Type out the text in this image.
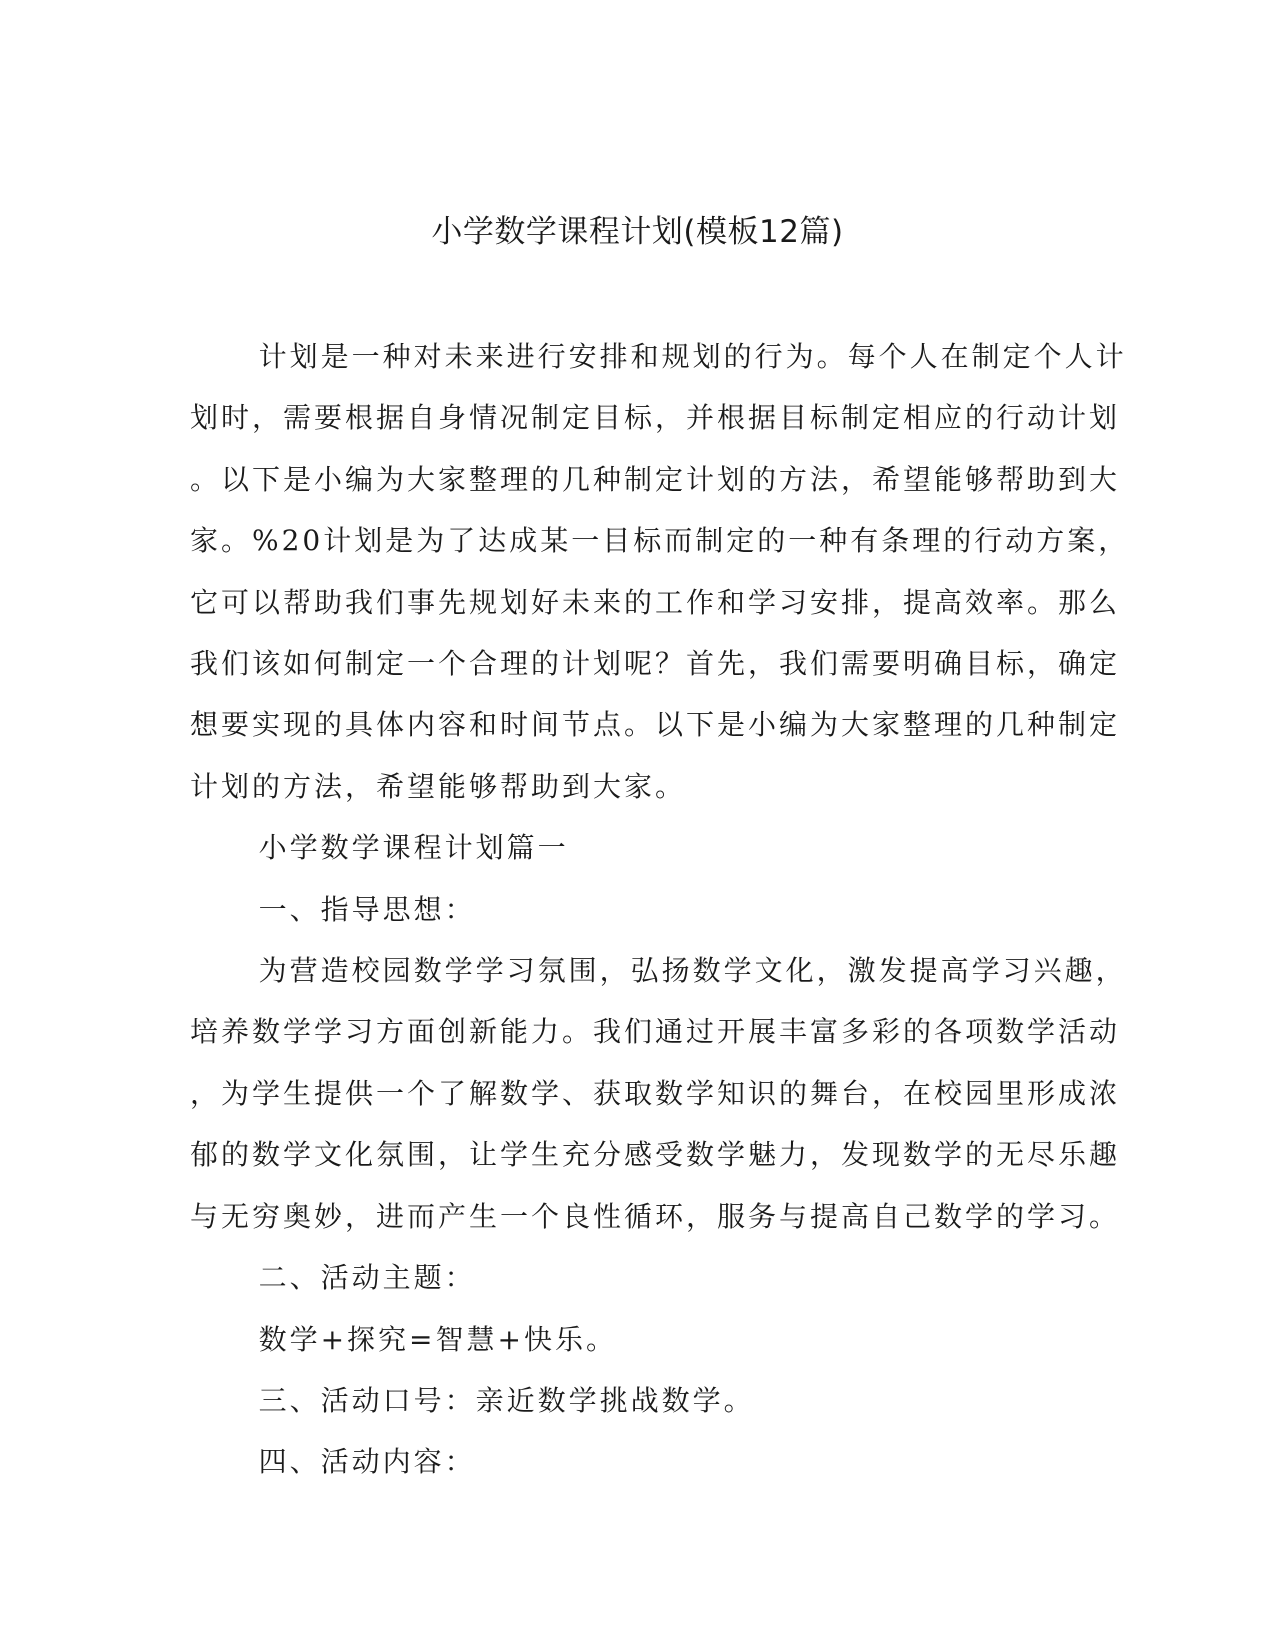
小学数学课程计划(模板12篇)

计划是一种对未来进行安排和规划的行为。每个人在制定个人计

划时，需要根据自身情况制定目标，并根据目标制定相应的行动计划
。以下是小编为大家整理的几种制定计划的方法，希望能够帮助到大
家。%20计划是为了达成某一目标而制定的一种有条理的行动方案，
它可以帮助我们事先规划好未来的工作和学习安排，提高效率。那么
我们该如何制定一个合理的计划呢？首先，我们需要明确目标，确定
想要实现的具体内容和时间节点。以下是小编为大家整理的几种制定
计划的方法，希望能够帮助到大家。

小学数学课程计划篇一

一、指导思想：

为营造校园数学学习氛围，弘扬数学文化，激发提高学习兴趣，

培养数学学习方面创新能力。我们通过开展丰富多彩的各项数学活动
，为学生提供一个了解数学、获取数学知识的舞台，在校园里形成浓
郁的数学文化氛围，让学生充分感受数学魅力，发现数学的无尽乐趣
与无穷奥妙，进而产生一个良性循环，服务与提高自己数学的学习。

二、活动主题：

数学+探究=智慧+快乐。

三、活动口号：亲近数学挑战数学。

四、活动内容：
